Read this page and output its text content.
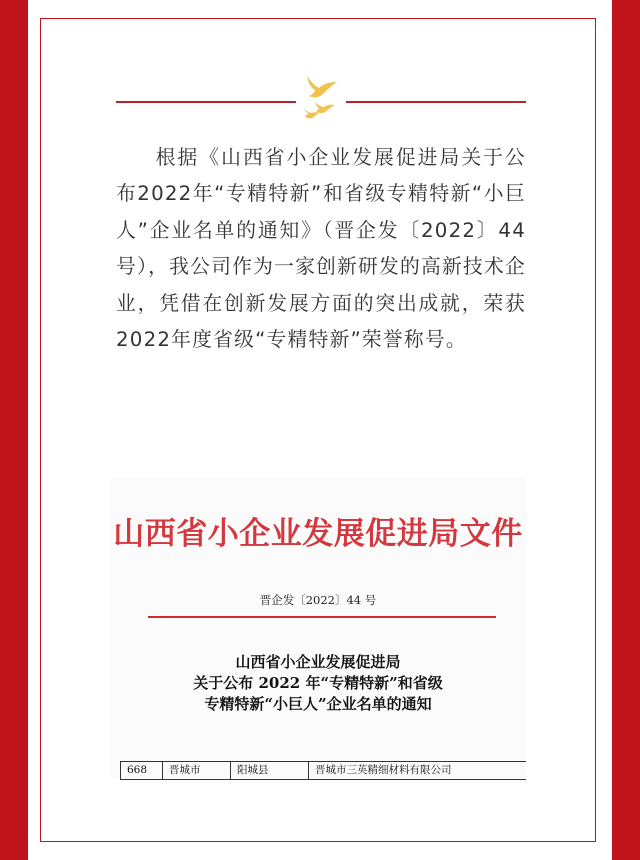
根据《山西省小企业发展促进局关于公布2022年“专精特新”和省级专精特新“小巨人”企业名单的通知》（晋企发〔2022〕44号），我公司作为一家创新研发的高新技术企业，凭借在创新发展方面的突出成就，荣获2022年度省级“专精特新”荣誉称号。

山西省小企业发展促进局文件
晋企发〔2022〕44 号
山西省小企业发展促进局
关于公布 2022 年“专精特新”和省级
专精特新“小巨人”企业名单的通知
668	晋城市	阳城县	晋城市三英精细材料有限公司
